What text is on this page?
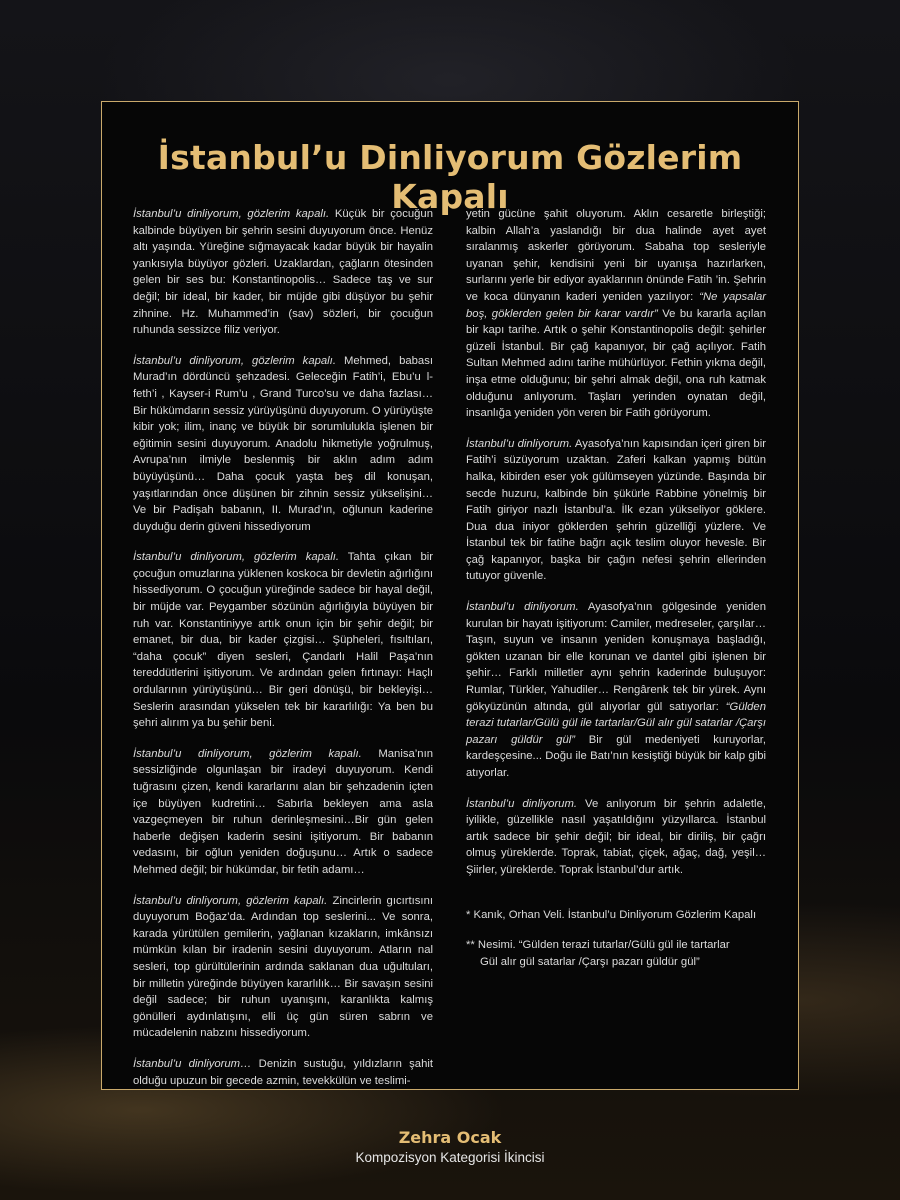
İstanbul’u Dinliyorum Gözlerim Kapalı

İstanbul’u dinliyorum, gözlerim kapalı. Küçük bir çocuğun kalbinde büyüyen bir şehrin sesini duyuyorum önce. Henüz altı yaşında. Yüreğine sığmayacak kadar büyük bir hayalin yankısıyla büyüyor gözleri. Uzaklardan, çağların ötesinden gelen bir ses bu: Konstantinopolis… Sadece taş ve sur değil; bir ideal, bir kader, bir müjde gibi düşüyor bu şehir zihnine. Hz. Muhammed’in (sav) sözleri, bir çocuğun ruhunda sessizce filiz veriyor.

İstanbul’u dinliyorum, gözlerim kapalı. Mehmed, babası Murad’ın dördüncü şehzadesi. Geleceğin Fatih’i, Ebu’u l-feth’i , Kayser-i Rum’u , Grand Turco’su ve daha fazlası… Bir hükümdarın sessiz yürüyüşünü duyuyorum. O yürüyüşte kibir yok; ilim, inanç ve büyük bir sorumlulukla işlenen bir eğitimin sesini duyuyorum. Anadolu hikmetiyle yoğrulmuş, Avrupa’nın ilmiyle beslenmiş bir aklın adım adım büyüyüşünü… Daha çocuk yaşta beş dil konuşan, yaşıtlarından önce düşünen bir zihnin sessiz yükselişini… Ve bir Padişah babanın, II. Murad’ın, oğlunun kaderine duyduğu derin güveni hissediyorum

İstanbul’u dinliyorum, gözlerim kapalı. Tahta çıkan bir çocuğun omuzlarına yüklenen koskoca bir devletin ağırlığını hissediyorum. O çocuğun yüreğinde sadece bir hayal değil, bir müjde var. Peygamber sözünün ağırlığıyla büyüyen bir ruh var. Konstantiniyye artık onun için bir şehir değil; bir emanet, bir dua, bir kader çizgisi… Şüpheleri, fısıltıları, “daha çocuk” diyen sesleri, Çandarlı Halil Paşa’nın tereddütlerini işitiyorum. Ve ardından gelen fırtınayı: Haçlı ordularının yürüyüşünü… Bir geri dönüşü, bir bekleyişi… Seslerin arasından yükselen tek bir kararlılığı: Ya ben bu şehri alırım ya bu şehir beni.

İstanbul’u dinliyorum, gözlerim kapalı. Manisa’nın sessizliğinde olgunlaşan bir iradeyi duyuyorum. Kendi tuğrasını çizen, kendi kararlarını alan bir şehzadenin içten içe büyüyen kudretini… Sabırla bekleyen ama asla vazgeçmeyen bir ruhun derinleşmesini…Bir gün gelen haberle değişen kaderin sesini işitiyorum. Bir babanın vedasını, bir oğlun yeniden doğuşunu… Artık o sadece Mehmed değil; bir hükümdar, bir fetih adamı…

İstanbul’u dinliyorum, gözlerim kapalı. Zincirlerin gıcırtısını duyuyorum Boğaz’da. Ardından top seslerini... Ve sonra, karada yürütülen gemilerin, yağlanan kızakların, imkânsızı mümkün kılan bir iradenin sesini duyuyorum. Atların nal sesleri, top gürültülerinin ardında saklanan dua uğultuları, bir milletin yüreğinde büyüyen kararlılık… Bir savaşın sesini değil sadece; bir ruhun uyanışını, karanlıkta kalmış gönülleri aydınlatışını, elli üç gün süren sabrın ve mücadelenin nabzını hissediyorum.

İstanbul’u dinliyorum… Denizin sustuğu, yıldızların şahit olduğu upuzun bir gecede azmin, tevekkülün ve teslimi-

yetin gücüne şahit oluyorum. Aklın cesaretle birleştiği; kalbin Allah’a yaslandığı bir dua halinde ayet ayet sıralanmış askerler görüyorum. Sabaha top sesleriyle uyanan şehir, kendisini yeni bir uyanışa hazırlarken, surlarını yerle bir ediyor ayaklarının önünde Fatih ’in. Şehrin ve koca dünyanın kaderi yeniden yazılıyor: “Ne yapsalar boş, göklerden gelen bir karar vardır” Ve bu kararla açılan bir kapı tarihe. Artık o şehir Konstantinopolis değil: şehirler güzeli İstanbul. Bir çağ kapanıyor, bir çağ açılıyor. Fatih Sultan Mehmed adını tarihe mühürlüyor. Fethin yıkma değil, inşa etme olduğunu; bir şehri almak değil, ona ruh katmak olduğunu anlıyorum. Taşları yerinden oynatan değil, insanlığa yeniden yön veren bir Fatih görüyorum.

İstanbul’u dinliyorum. Ayasofya’nın kapısından içeri giren bir Fatih’i süzüyorum uzaktan. Zaferi kalkan yapmış bütün halka, kibirden eser yok gülümseyen yüzünde. Başında bir secde huzuru, kalbinde bin şükürle Rabbine yönelmiş bir Fatih giriyor nazlı İstanbul’a. İlk ezan yükseliyor göklere. Dua dua iniyor göklerden şehrin güzelliği yüzlere. Ve İstanbul tek bir fatihe bağrı açık teslim oluyor hevesle. Bir çağ kapanıyor, başka bir çağın nefesi şehrin ellerinden tutuyor güvenle.

İstanbul’u dinliyorum. Ayasofya’nın gölgesinde yeniden kurulan bir hayatı işitiyorum: Camiler, medreseler, çarşılar… Taşın, suyun ve insanın yeniden konuşmaya başladığı, gökten uzanan bir elle korunan ve dantel gibi işlenen bir şehir… Farklı milletler aynı şehrin kaderinde buluşuyor: Rumlar, Türkler, Yahudiler… Rengârenk tek bir yürek. Aynı gökyüzünün altında, gül alıyorlar gül satıyorlar: “Gülden terazi tutarlar/Gülü gül ile tartarlar/Gül alır gül satarlar /Çarşı pazarı güldür gül” Bir gül medeniyeti kuruyorlar, kardeşçesine... Doğu ile Batı’nın kesiştiği büyük bir kalp gibi atıyorlar.

İstanbul’u dinliyorum. Ve anlıyorum bir şehrin adaletle, iyilikle, güzellikle nasıl yaşatıldığını yüzyıllarca. İstanbul artık sadece bir şehir değil; bir ideal, bir diriliş, bir çağrı olmuş yüreklerde. Toprak, tabiat, çiçek, ağaç, dağ, yeşil… Şiirler, yüreklerde. Toprak İstanbul’dur artık.

* Kanık, Orhan Veli. İstanbul’u Dinliyorum Gözlerim Kapalı

** Nesimi. “Gülden terazi tutarlar/Gülü gül ile tartarlar
Gül alır gül satarlar /Çarşı pazarı güldür gül”

Zehra Ocak
Kompozisyon Kategorisi İkincisi
